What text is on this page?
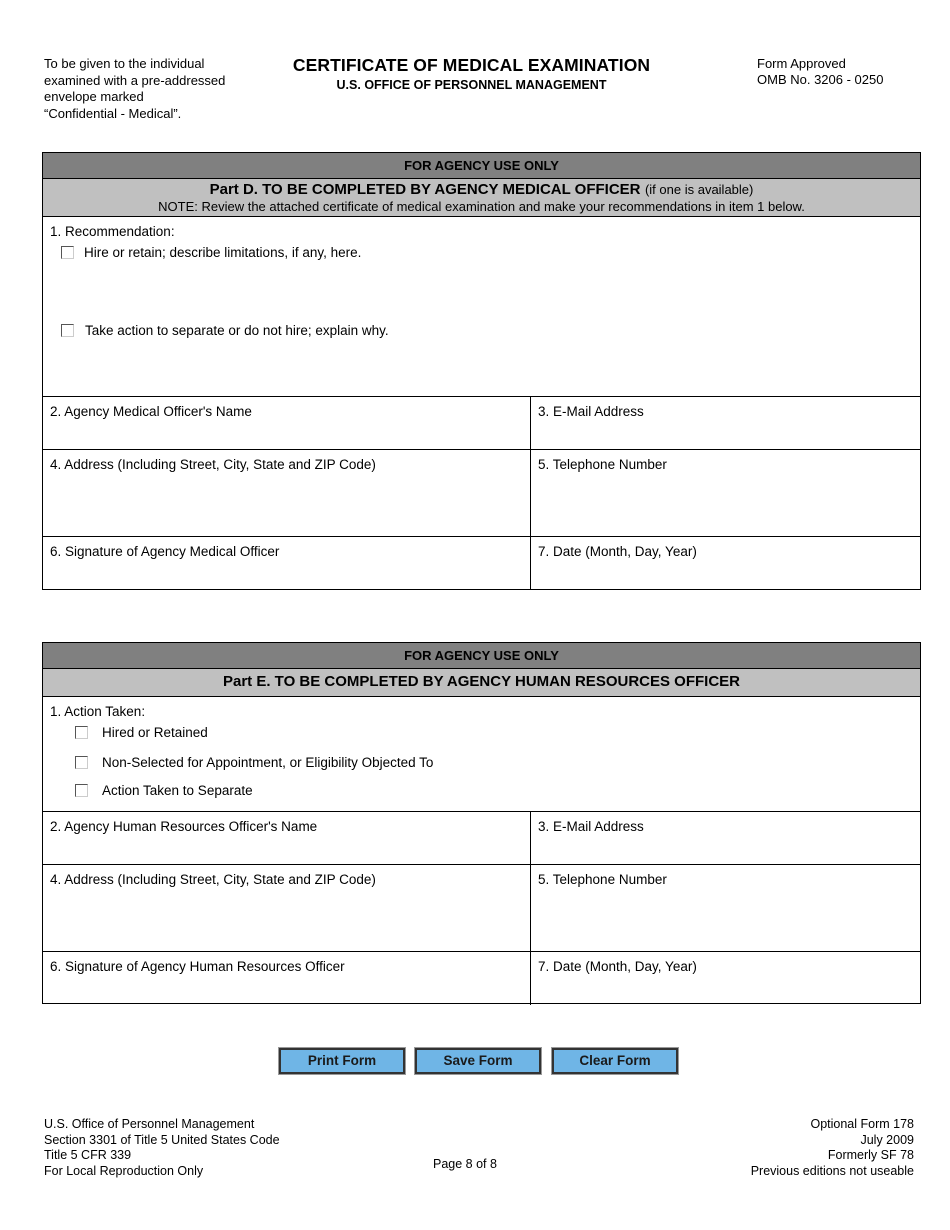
To be given to the individual
examined with a pre-addressed
envelope marked
“Confidential - Medical”.
CERTIFICATE OF MEDICAL EXAMINATION
U.S. OFFICE OF PERSONNEL MANAGEMENT
Form Approved
OMB No. 3206 - 0250
FOR AGENCY USE ONLY
Part D. TO BE COMPLETED BY AGENCY MEDICAL OFFICER (if one is available)
NOTE: Review the attached certificate of medical examination and make your recommendations in item 1 below.
1. Recommendation:
Hire or retain; describe limitations, if any, here.
Take action to separate or do not hire; explain why.
2. Agency Medical Officer's Name	3. E-Mail Address
4. Address (Including Street, City, State and ZIP Code)	5. Telephone Number
6. Signature of Agency Medical Officer	7. Date (Month, Day, Year)
FOR AGENCY USE ONLY
Part E. TO BE COMPLETED BY AGENCY HUMAN RESOURCES OFFICER
1. Action Taken:
Hired or Retained
Non-Selected for Appointment, or Eligibility Objected To
Action Taken to Separate
2. Agency Human Resources Officer's Name	3. E-Mail Address
4. Address (Including Street, City, State and ZIP Code)	5. Telephone Number
6. Signature of Agency Human Resources Officer	7. Date (Month, Day, Year)
Print Form	Save Form	Clear Form
U.S. Office of Personnel Management
Section 3301 of Title 5 United States Code
Title 5 CFR 339
For Local Reproduction Only
Page 8 of 8
Optional Form 178
July 2009
Formerly SF 78
Previous editions not useable
